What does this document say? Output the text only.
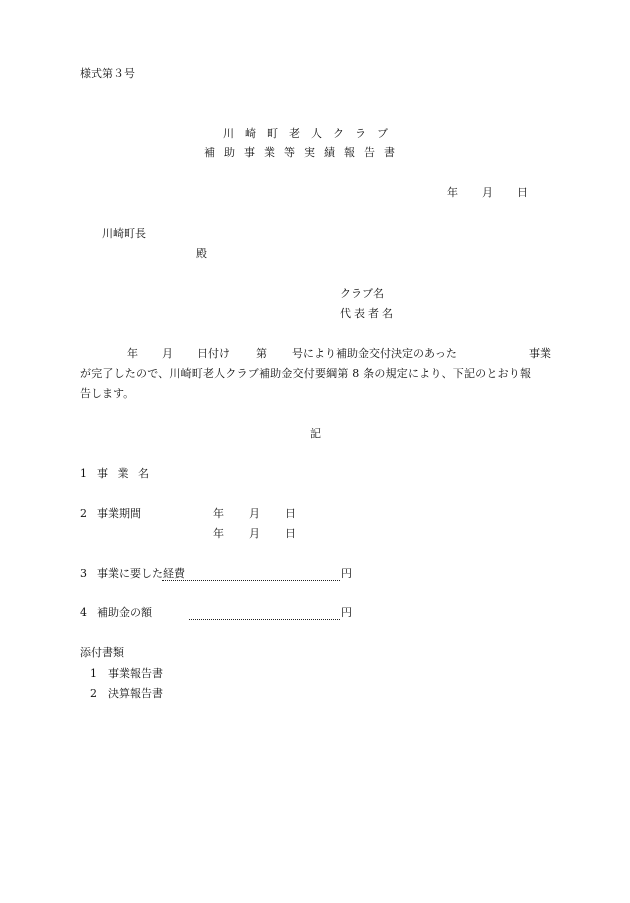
様式第３号
川崎町老人クラブ
補助事業等実績報告書
年 月 日
川崎町長
殿
クラブ名
代表者名
年 月 日付け 第 号により補助金交付決定のあった	事業
が完了したので、川崎町老人クラブ補助金交付要綱第 8 条の規定により、下記のとおり報
告します。
記
1 事 業 名
2 事業期間	年 月 日
年 月 日
3 事業に要した経費	円
4 補助金の額	円
添付書類
1 事業報告書
2 決算報告書
